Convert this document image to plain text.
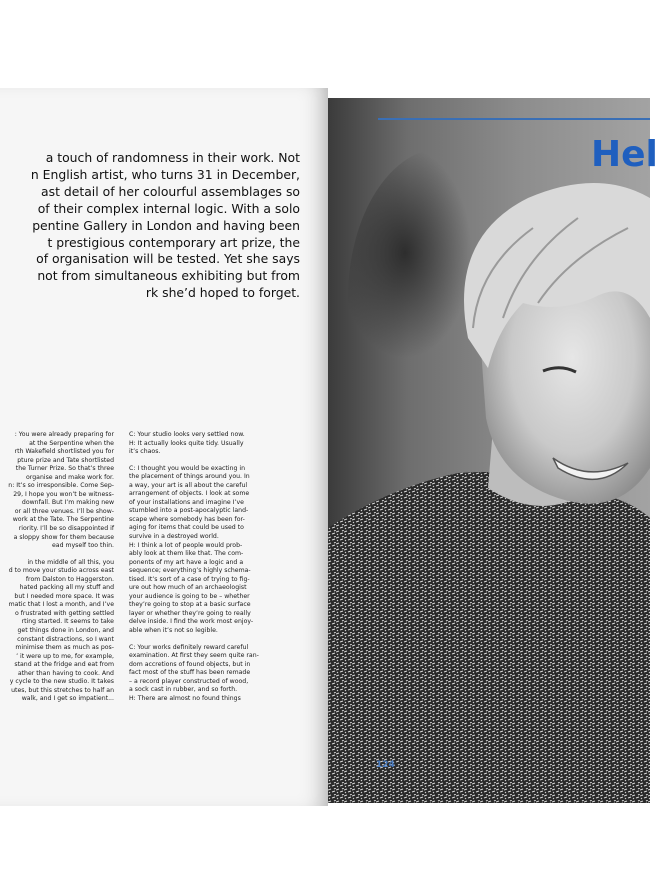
a touch of randomness in their work. Not
n English artist, who turns 31 in December,
ast detail of her colourful assemblages so
of their complex internal logic. With a solo
pentine Gallery in London and having been
t prestigious contemporary art prize, the
of organisation will be tested. Yet she says
not from simultaneous exhibiting but from
rk she’d hoped to forget.

: You were already preparing for
at the Serpentine when the
rth Wakefield shortlisted you for
pture prize and Tate shortlisted
the Turner Prize. So that’s three
organise and make work for.
n: It’s so irresponsible. Come Sep-
29, I hope you won’t be witness-
downfall. But I’m making new
or all three venues. I’ll be show-
work at the Tate. The Serpentine
riority. I’ll be so disappointed if
a sloppy show for them because
ead myself too thin.

in the middle of all this, you
d to move your studio across east
from Dalston to Haggerston.
hated packing all my stuff and
but I needed more space. It was
matic that I lost a month, and I’ve
o frustrated with getting settled
rting started. It seems to take
get things done in London, and
constant distractions, so I want
minimise them as much as pos-
’ it were up to me, for example,
stand at the fridge and eat from
ather than having to cook. And
y cycle to the new studio. It takes
utes, but this stretches to half an
walk, and I get so impatient...
C: Your studio looks very settled now.
H: It actually looks quite tidy. Usually
it’s chaos.

C: I thought you would be exacting in
the placement of things around you. In
a way, your art is all about the careful
arrangement of objects. I look at some
of your installations and imagine I’ve
stumbled into a post-apocalyptic land-
scape where somebody has been for-
aging for items that could be used to
survive in a destroyed world.
H: I think a lot of people would prob-
ably look at them like that. The com-
ponents of my art have a logic and a
sequence; everything’s highly schema-
tised. It’s sort of a case of trying to fig-
ure out how much of an archaeologist
your audience is going to be – whether
they’re going to stop at a basic surface
layer or whether they’re going to really
delve inside. I find the work most enjoy-
able when it’s not so legible.

C: Your works definitely reward careful
examination. At first they seem quite ran-
dom accretions of found objects, but in
fact most of the stuff has been remade
– a record player constructed of wood,
a sock cast in rubber, and so forth.
H: There are almost no found things
Hel
124
